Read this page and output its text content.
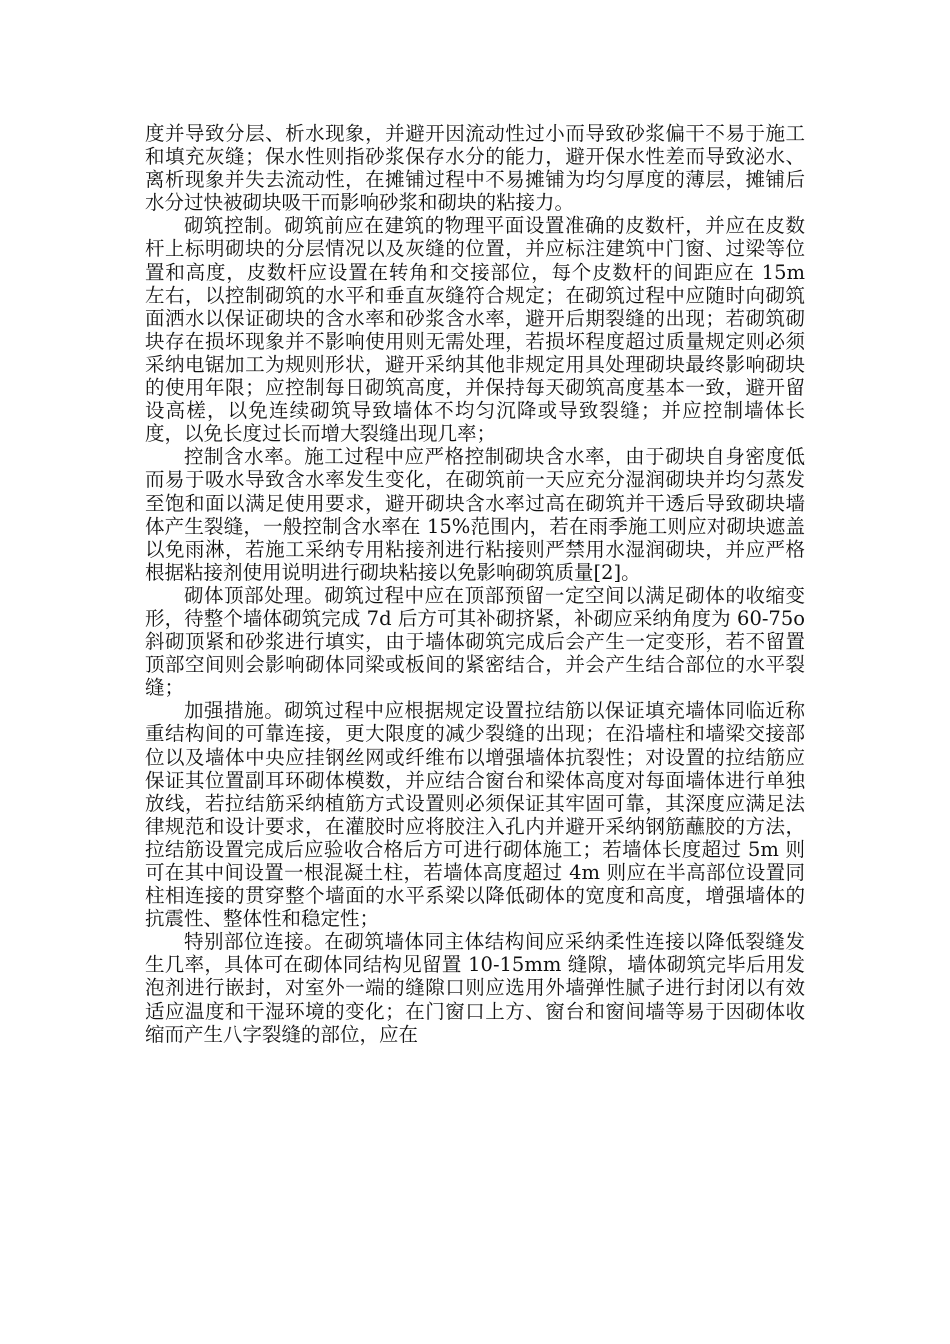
度并导致分层、析水现象，并避开因流动性过小而导致砂浆偏干不易于施工和填充灰缝；保水性则指砂浆保存水分的能力，避开保水性差而导致泌水、离析现象并失去流动性，在摊铺过程中不易摊铺为均匀厚度的薄层，摊铺后水分过快被砌块吸干而影响砂浆和砌块的粘接力。

砌筑控制。砌筑前应在建筑的物理平面设置准确的皮数杆，并应在皮数杆上标明砌块的分层情况以及灰缝的位置，并应标注建筑中门窗、过梁等位置和高度，皮数杆应设置在转角和交接部位，每个皮数杆的间距应在 15m 左右，以控制砌筑的水平和垂直灰缝符合规定；在砌筑过程中应随时向砌筑面洒水以保证砌块的含水率和砂浆含水率，避开后期裂缝的出现；若砌筑砌块存在损坏现象并不影响使用则无需处理，若损坏程度超过质量规定则必须采纳电锯加工为规则形状，避开采纳其他非规定用具处理砌块最终影响砌块的使用年限；应控制每日砌筑高度，并保持每天砌筑高度基本一致，避开留设高槎，以免连续砌筑导致墙体不均匀沉降或导致裂缝；并应控制墙体长度，以免长度过长而增大裂缝出现几率；

控制含水率。施工过程中应严格控制砌块含水率，由于砌块自身密度低而易于吸水导致含水率发生变化，在砌筑前一天应充分湿润砌块并均匀蒸发至饱和面以满足使用要求，避开砌块含水率过高在砌筑并干透后导致砌块墙体产生裂缝，一般控制含水率在 15%范围内，若在雨季施工则应对砌块遮盖以免雨淋，若施工采纳专用粘接剂进行粘接则严禁用水湿润砌块，并应严格根据粘接剂使用说明进行砌块粘接以免影响砌筑质量[2]。

砌体顶部处理。砌筑过程中应在顶部预留一定空间以满足砌体的收缩变形，待整个墙体砌筑完成 7d 后方可其补砌挤紧，补砌应采纳角度为 60-75o 斜砌顶紧和砂浆进行填实，由于墙体砌筑完成后会产生一定变形，若不留置顶部空间则会影响砌体同梁或板间的紧密结合，并会产生结合部位的水平裂缝；

加强措施。砌筑过程中应根据规定设置拉结筋以保证填充墙体同临近称重结构间的可靠连接，更大限度的减少裂缝的出现；在沿墙柱和墙梁交接部位以及墙体中央应挂钢丝网或纤维布以增强墙体抗裂性；对设置的拉结筋应保证其位置副耳环砌体模数，并应结合窗台和梁体高度对每面墙体进行单独放线，若拉结筋采纳植筋方式设置则必须保证其牢固可靠，其深度应满足法律规范和设计要求，在灌胶时应将胶注入孔内并避开采纳钢筋蘸胶的方法，拉结筋设置完成后应验收合格后方可进行砌体施工；若墙体长度超过 5m 则可在其中间设置一根混凝土柱，若墙体高度超过 4m 则应在半高部位设置同柱相连接的贯穿整个墙面的水平系梁以降低砌体的宽度和高度，增强墙体的抗震性、整体性和稳定性；

特别部位连接。在砌筑墙体同主体结构间应采纳柔性连接以降低裂缝发生几率，具体可在砌体同结构见留置 10-15mm 缝隙，墙体砌筑完毕后用发泡剂进行嵌封，对室外一端的缝隙口则应选用外墙弹性腻子进行封闭以有效适应温度和干湿环境的变化；在门窗口上方、窗台和窗间墙等易于因砌体收缩而产生八字裂缝的部位，应在
